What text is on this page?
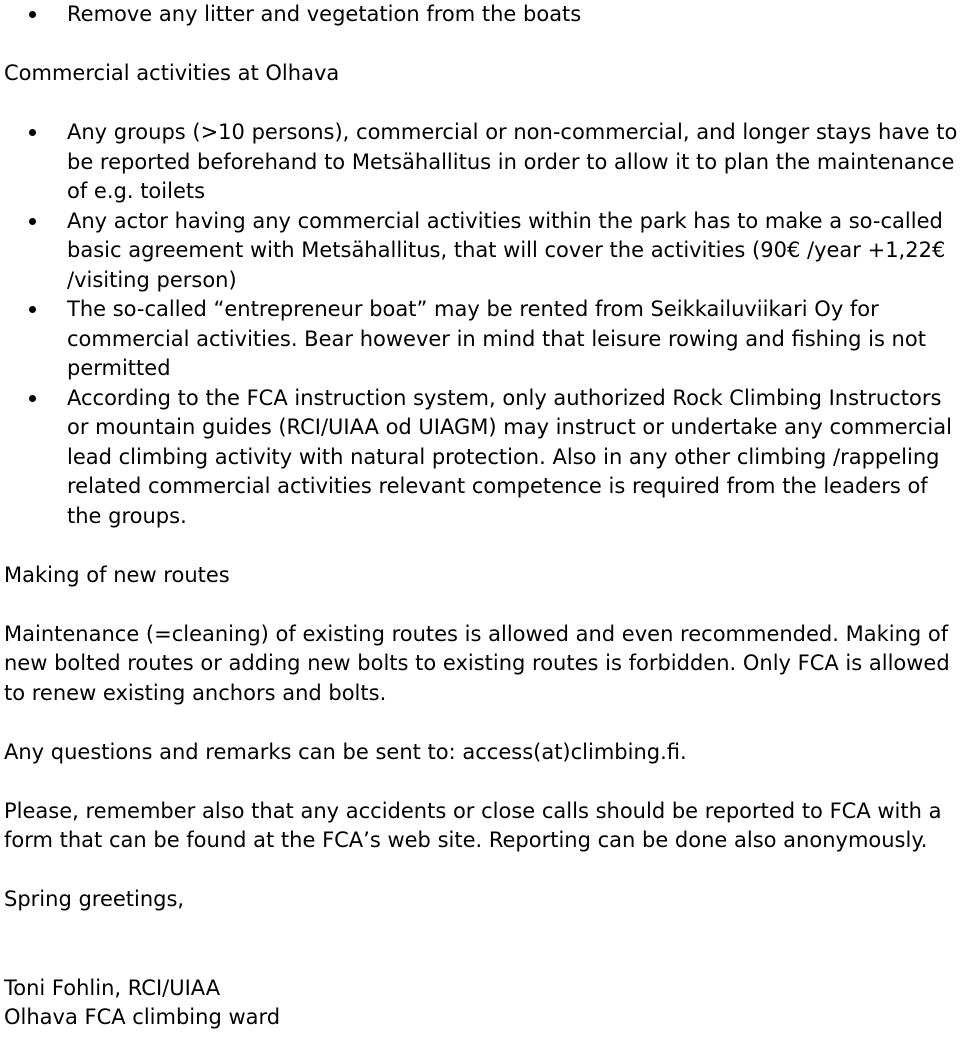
Remove any litter and vegetation from the boats

Commercial activities at Olhava

Any groups (>10 persons), commercial or non-commercial, and longer stays have to be reported beforehand to Metsähallitus in order to allow it to plan the maintenance of e.g. toilets
Any actor having any commercial activities within the park has to make a so-called basic agreement with Metsähallitus, that will cover the activities (90€ /year +1,22€ /visiting person)
The so-called “entrepreneur boat” may be rented from Seikkailuviikari Oy for commercial activities. Bear however in mind that leisure rowing and fishing is not permitted
According to the FCA instruction system, only authorized Rock Climbing Instructors or mountain guides (RCI/UIAA od UIAGM) may instruct or undertake any commercial lead climbing activity with natural protection. Also in any other climbing /rappeling related commercial activities relevant competence is required from the leaders of the groups.

Making of new routes

Maintenance (=cleaning) of existing routes is allowed and even recommended. Making of new bolted routes or adding new bolts to existing routes is forbidden. Only FCA is allowed to renew existing anchors and bolts.

Any questions and remarks can be sent to: access(at)climbing.fi.

Please, remember also that any accidents or close calls should be reported to FCA with a form that can be found at the FCA’s web site. Reporting can be done also anonymously.

Spring greetings,

Toni Fohlin, RCI/UIAA

Olhava FCA climbing ward
